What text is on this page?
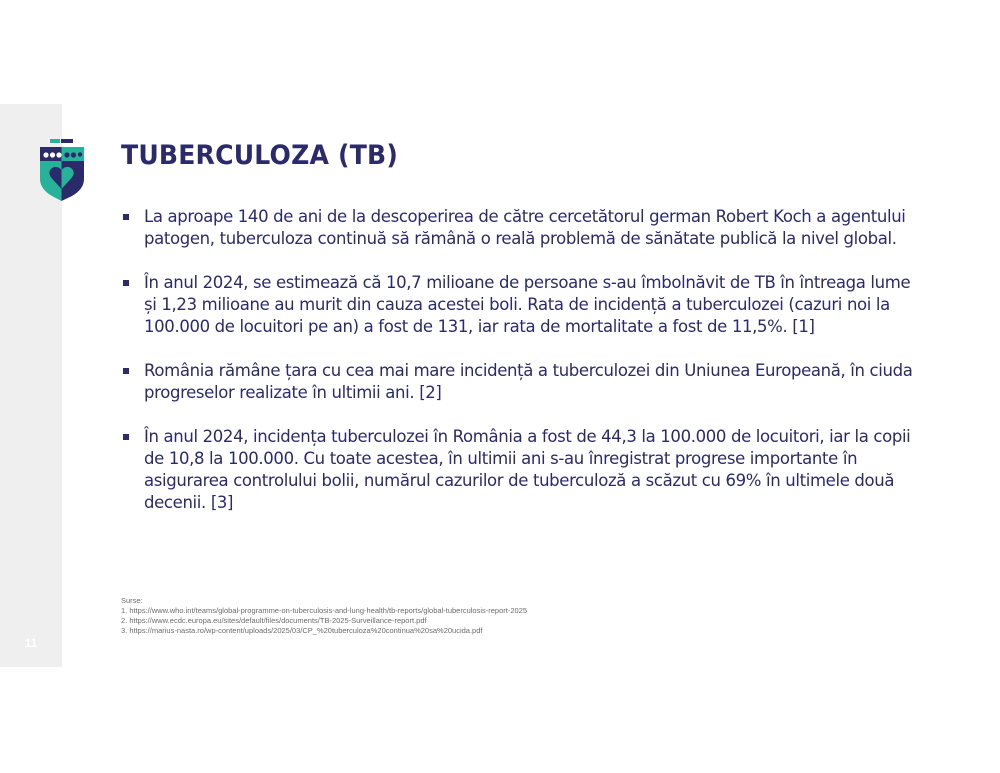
11
TUBERCULOZA (TB)
La aproape 140 de ani de la descoperirea de către cercetătorul german Robert Koch a agentului patogen, tuberculoza continuă să rămână o reală problemă de sănătate publică la nivel global.
În anul 2024, se estimează că 10,7 milioane de persoane s-au îmbolnăvit de TB în întreaga lume și 1,23 milioane au murit din cauza acestei boli. Rata de incidență a tuberculozei (cazuri noi la 100.000 de locuitori pe an) a fost de 131, iar rata de mortalitate a fost de 11,5%. [1]
România rămâne țara cu cea mai mare incidență a tuberculozei din Uniunea Europeană, în ciuda progreselor realizate în ultimii ani. [2]
În anul 2024, incidența tuberculozei în România a fost de 44,3 la 100.000 de locuitori, iar la copii de 10,8 la 100.000. Cu toate acestea, în ultimii ani s-au înregistrat progrese importante în asigurarea controlului bolii, numărul cazurilor de tuberculoză a scăzut cu 69% în ultimele două decenii. [3]
Surse:
1. https://www.who.int/teams/global-programme-on-tuberculosis-and-lung-health/tb-reports/global-tuberculosis-report-2025
2. https://www.ecdc.europa.eu/sites/default/files/documents/TB-2025-Surveillance-report.pdf
3. https://marius-nasta.ro/wp-content/uploads/2025/03/CP_%20tuberculoza%20continua%20sa%20ucida.pdf
